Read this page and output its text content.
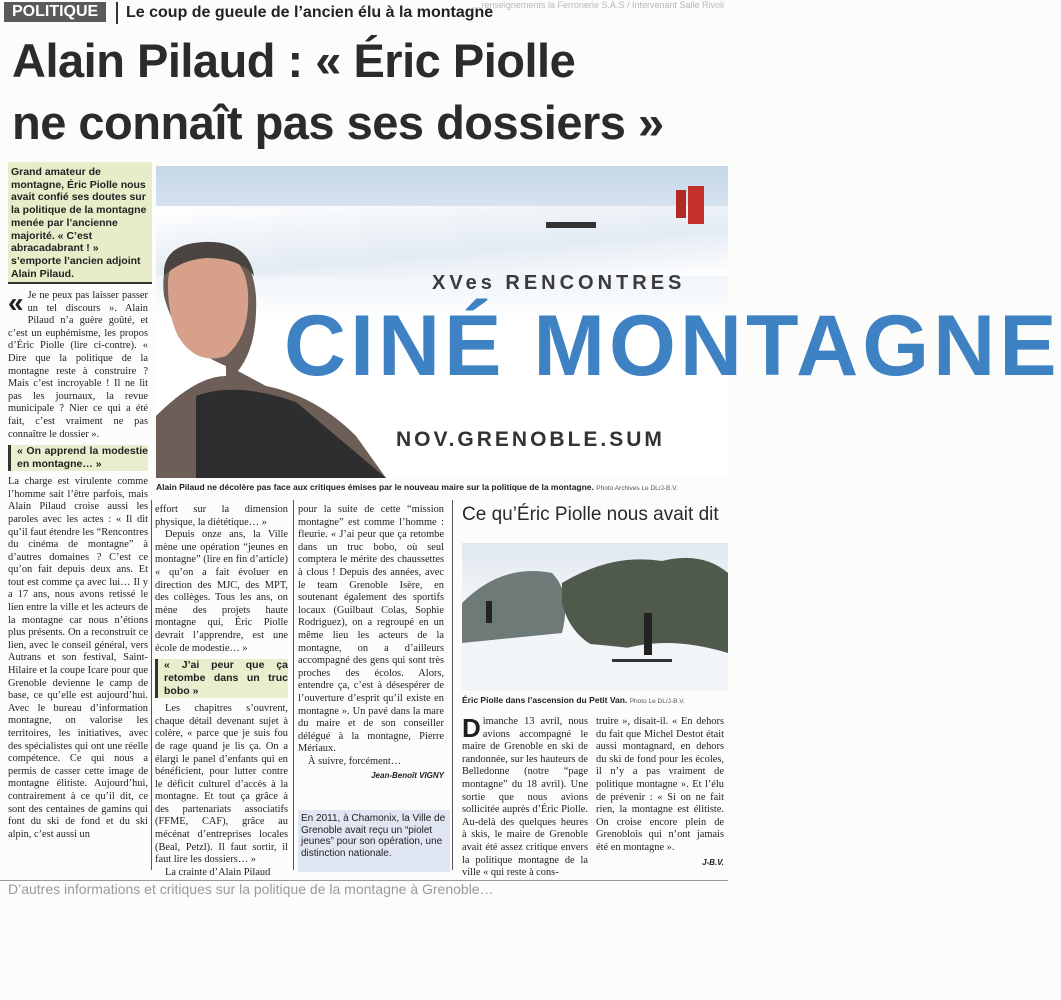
…renseignements la Ferronerie S.A.S / Intervenant Salle Rivoli
POLITIQUE	Le coup de gueule de l’ancien élu à la montagne
Alain Pilaud : « Éric Piolle
ne connaît pas ses dossiers »
Grand amateur de montagne, Éric Piolle nous avait confié ses doutes sur la politique de la montagne menée par l’ancienne majorité. « C’est abracadabrant ! » s’emporte l’ancien adjoint Alain Pilaud.	XVes RENCONTRES
CINÉ MONTAGNE
NOV.GRENOBLE.SUM
Alain Pilaud ne décolère pas face aux critiques émises par le nouveau maire sur la politique de la montagne. Photo Archives Le DL/J-B.V.
« Je ne peux pas laisser passer un tel discours ». Alain Pilaud n’a guère goûté, et c’est un euphémisme, les propos d’Éric Piolle (lire ci-contre). « Dire que la politique de la montagne reste à construire ? Mais c’est incroyable ! Il ne lit pas les journaux, la revue municipale ? Nier ce qui a été fait, c’est vraiment ne pas connaître le dossier ».

« On apprend la modestie en montagne… »

La charge est virulente comme l’homme sait l’être parfois, mais Alain Pilaud croise aussi les paroles avec les actes : « Il dit qu’il faut étendre les “Rencontres du cinéma de montagne” à d’autres domaines ? C’est ce qu’on fait depuis deux ans. Et tout est comme ça avec lui… Il y a 17 ans, nous avons retissé le lien entre la ville et les acteurs de la montagne car nous n’étions plus présents. On a reconstruit ce lien, avec le conseil général, vers Autrans et son festival, Saint-Hilaire et la coupe Icare pour que Grenoble devienne le camp de base, ce qu’elle est aujourd’hui. Avec le bureau d’information montagne, on valorise les territoires, les initiatives, avec des spécialistes qui ont une réelle compétence. Ce qui nous a permis de casser cette image de montagne élitiste. Aujourd’hui, contrairement à ce qu’il dit, ce sont des centaines de gamins qui font du ski de fond et du ski alpin, c’est aussi un

effort sur la dimension physique, la diététique… »

Depuis onze ans, la Ville mène une opération “jeunes en montagne” (lire en fin d’article) « qu’on a fait évoluer en direction des MJC, des MPT, des collèges. Tous les ans, on mène des projets haute montagne qui, Éric Piolle devrait l’apprendre, est une école de modestie… »

« J’ai peur que ça retombe dans un truc bobo »

Les chapitres s’ouvrent, chaque détail devenant sujet à colère, « parce que je suis fou de rage quand je lis ça. On a élargi le panel d’enfants qui en bénéficient, pour lutter contre le déficit culturel d’accès à la montagne. Et tout ça grâce à des partenariats associatifs (FFME, CAF), grâce au mécénat d’entreprises locales (Beal, Petzl). Il faut sortir, il faut lire les dossiers… »

La crainte d’Alain Pilaud

pour la suite de cette “mission montagne” est comme l’homme : fleurie. « J’ai peur que ça retombe dans un truc bobo, où seul comptera le mérite des chaussettes à clous ! Depuis des années, avec le team Grenoble Isère, en soutenant également des sportifs locaux (Guilbaut Colas, Sophie Rodriguez), on a regroupé en un même lieu les acteurs de la montagne, on a d’ailleurs accompagné des gens qui sont très proches des écolos. Alors, entendre ça, c’est à désespérer de l’ouverture d’esprit qu’il existe en montagne ». Un pavé dans la mare du maire et de son conseiller délégué à la montagne, Pierre Mériaux.

À suivre, forcément…

Jean-Benoît VIGNY
En 2011, à Chamonix, la Ville de Grenoble avait reçu un “piolet jeunes” pour son opération, une distinction nationale.
Ce qu’Éric Piolle nous avait dit
Éric Piolle dans l’ascension du Petit Van. Photo Le DL/J-B.V.
D imanche 13 avril, nous avions accompagné le maire de Grenoble en ski de randonnée, sur les hauteurs de Belledonne (notre “page montagne” du 18 avril). Une sortie que nous avions sollicitée auprès d’Éric Piolle. Au-delà des quelques heures à skis, le maire de Grenoble avait été assez critique envers la politique montagne de la ville « qui reste à cons-

truire », disait-il. « En dehors du fait que Michel Destot était aussi montagnard, en dehors du ski de fond pour les écoles, il n’y a pas vraiment de politique montagne ». Et l’élu de prévenir : « Si on ne fait rien, la montagne est élitiste. On croise encore plein de Grenoblois qui n’ont jamais été en montagne ».

J-B.V.
D’autres informations et critiques sur la politique de la montagne à Grenoble…
